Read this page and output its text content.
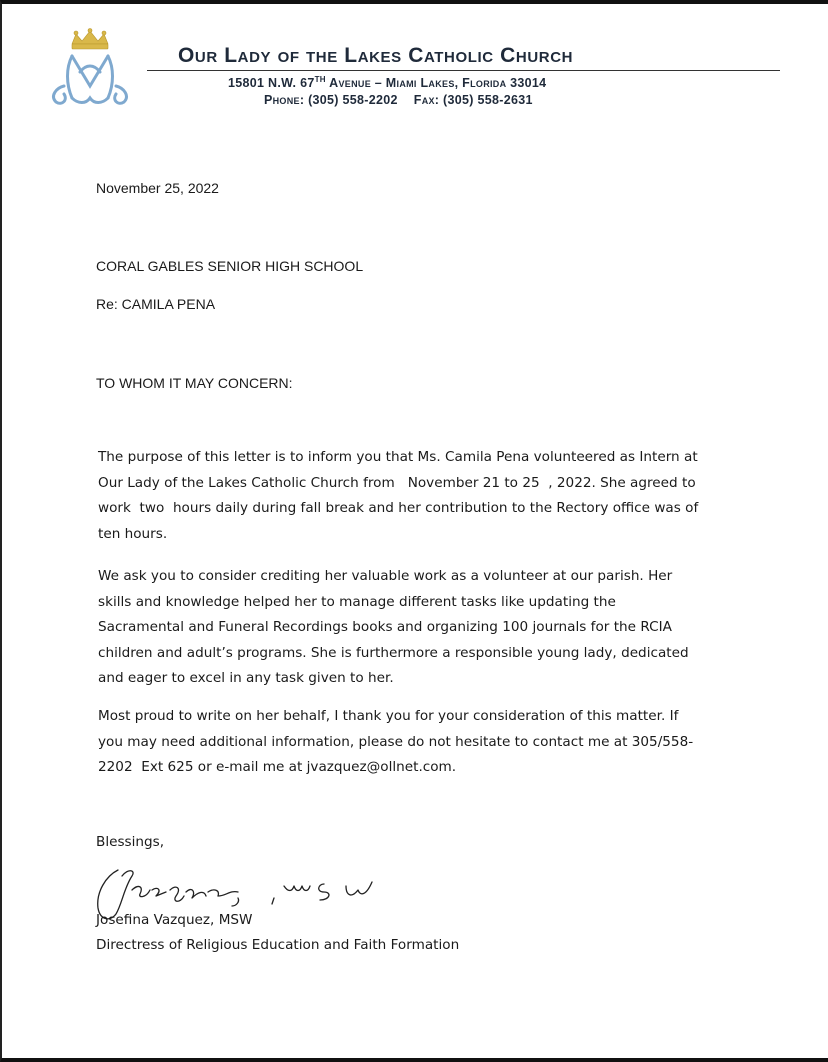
Our Lady of the Lakes Catholic Church
15801 N.W. 67TH Avenue – Miami Lakes, Florida 33014
Phone: (305) 558-2202 Fax: (305) 558-2631
November 25, 2022
CORAL GABLES SENIOR HIGH SCHOOL
Re: CAMILA PENA
TO WHOM IT MAY CONCERN:

The purpose of this letter is to inform you that Ms. Camila Pena volunteered as Intern at

Our Lady of the Lakes Catholic Church from   November 21 to 25  , 2022. She agreed to

work  two  hours daily during fall break and her contribution to the Rectory office was of

ten hours.

We ask you to consider crediting her valuable work as a volunteer at our parish. Her

skills and knowledge helped her to manage different tasks like updating the

Sacramental and Funeral Recordings books and organizing 100 journals for the RCIA

children and adult’s programs. She is furthermore a responsible young lady, dedicated

and eager to excel in any task given to her.

Most proud to write on her behalf, I thank you for your consideration of this matter. If

you may need additional information, please do not hesitate to contact me at 305/558-

2202  Ext 625 or e-mail me at jvazquez@ollnet.com.

Blessings,
Josefina Vazquez, MSW
Directress of Religious Education and Faith Formation
